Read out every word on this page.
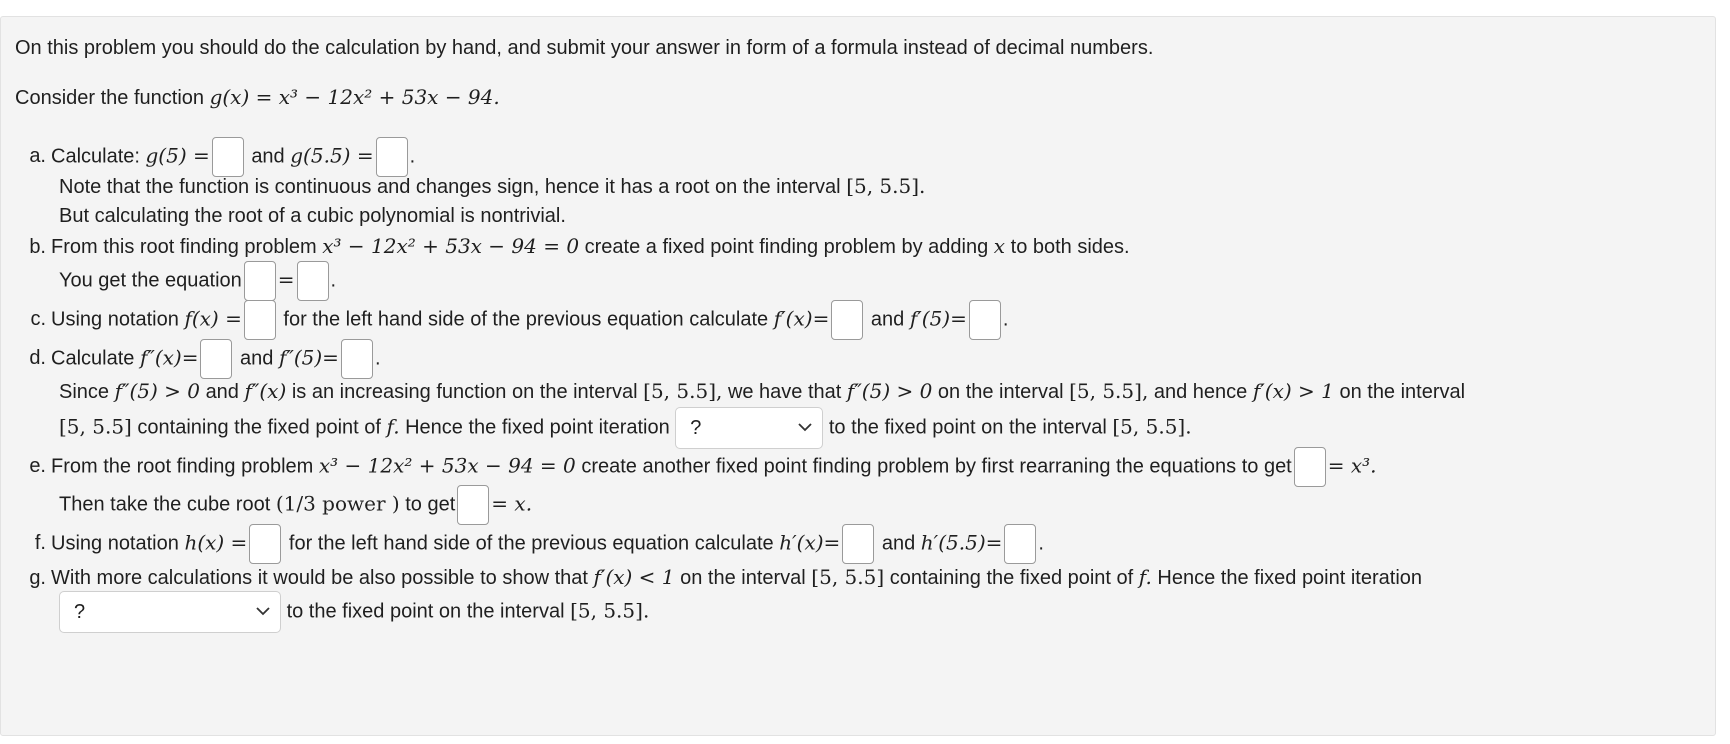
On this problem you should do the calculation by hand, and submit your answer in form of a formula instead of decimal numbers.
Consider the function g(x) = x³ − 12x² + 53x − 94.
a. Calculate: g(5) = and g(5.5) = .
Note that the function is continuous and changes sign, hence it has a root on the interval [5, 5.5].
But calculating the root of a cubic polynomial is nontrivial.
b. From this root finding problem x³ − 12x² + 53x − 94 = 0 create a fixed point finding problem by adding x to both sides.
You get the equation = .
c. Using notation f(x) = for the left hand side of the previous equation calculate f′(x)= and f′(5)= .
d. Calculate f″(x)= and f″(5)= .
Since f″(5) > 0 and f″(x) is an increasing function on the interval [5, 5.5], we have that f″(5) > 0 on the interval [5, 5.5], and hence f′(x) > 1 on the interval
[5, 5.5] containing the fixed point of f. Hence the fixed point iteration ?	to the fixed point on the interval [5, 5.5].
e. From the root finding problem x³ − 12x² + 53x − 94 = 0 create another fixed point finding problem by first rearraning the equations to get = x³.
Then take the cube root (1/3 power ) to get = x.
f. Using notation h(x) = for the left hand side of the previous equation calculate h′(x)= and h′(5.5)= .
g. With more calculations it would be also possible to show that f′(x) < 1 on the interval [5, 5.5] containing the fixed point of f. Hence the fixed point iteration
?	to the fixed point on the interval [5, 5.5].
